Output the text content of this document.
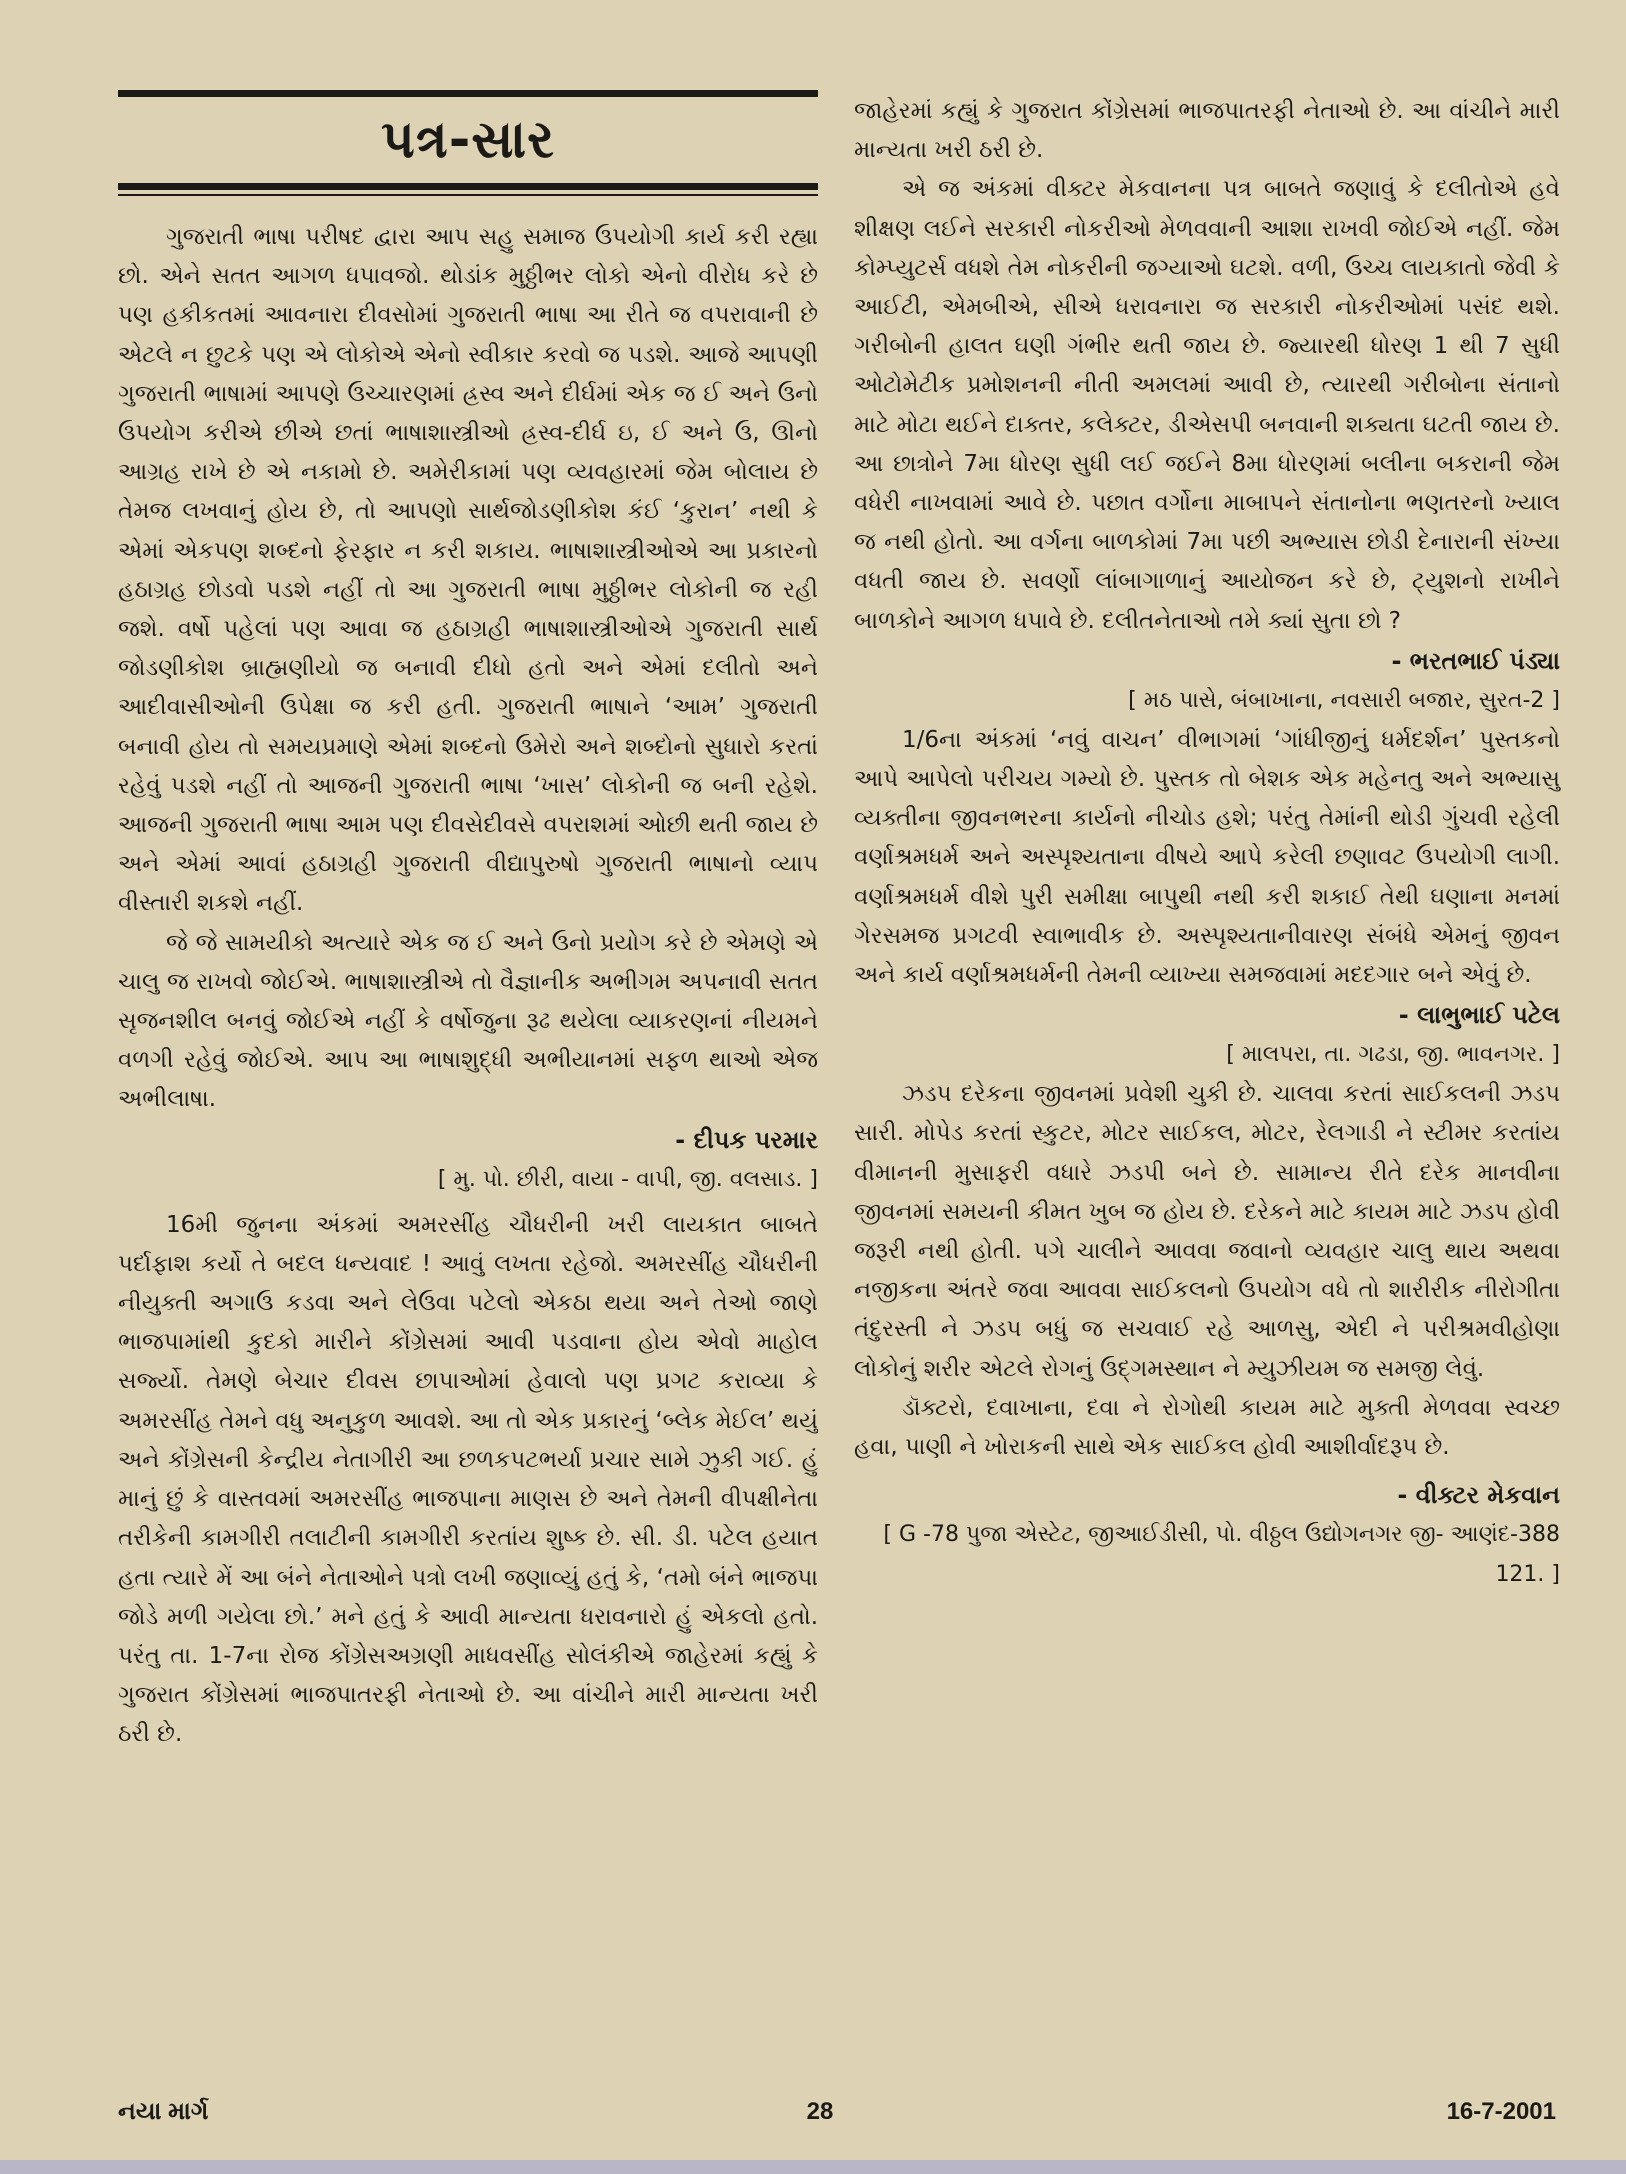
પત્ર-સાર

ગુજરાતી ભાષા પરીષદ દ્વારા આપ સહુ સમાજ ઉપયોગી કાર્ય કરી રહ્યા છો. એને સતત આગળ ધપાવજો. થોડાંક મુઠ્ઠીભર લોકો એનો વીરોધ કરે છે પણ હકીકતમાં આવનારા દીવસોમાં ગુજરાતી ભાષા આ રીતે જ વપરાવાની છે એટલે ન છુટકે પણ એ લોકોએ એનો સ્વીકાર કરવો જ પડશે. આજે આપણી ગુજરાતી ભાષામાં આપણે ઉચ્ચારણમાં હ્રસ્વ અને દીર્ઘમાં એક જ ઈ અને ઉનો ઉપયોગ કરીએ છીએ છતાં ભાષાશાસ્ત્રીઓ હ્રસ્વ-દીર્ઘ ઇ, ઈ અને ઉ, ઊનો આગ્રહ રાખે છે એ નકામો છે. અમેરીકામાં પણ વ્યવહારમાં જેમ બોલાય છે તેમજ લખવાનું હોય છે, તો આપણો સાર્થજોડણીકોશ કંઈ ‘કુરાન’ નથી કે એમાં એકપણ શબ્દનો ફેરફાર ન કરી શકાય. ભાષાશાસ્ત્રીઓએ આ પ્રકારનો હઠાગ્રહ છોડવો પડશે નહીં તો આ ગુજરાતી ભાષા મુઠ્ઠીભર લોકોની જ રહી જશે. વર્ષો પહેલાં પણ આવા જ હઠાગ્રહી ભાષાશાસ્ત્રીઓએ ગુજરાતી સાર્થ જોડણીકોશ બ્રાહ્મણીયો જ બનાવી દીધો હતો અને એમાં દલીતો અને આદીવાસીઓની ઉપેક્ષા જ કરી હતી. ગુજરાતી ભાષાને ‘આમ’ ગુજરાતી બનાવી હોય તો સમયપ્રમાણે એમાં શબ્દનો ઉમેરો અને શબ્દોનો સુધારો કરતાં રહેવું પડશે નહીં તો આજની ગુજરાતી ભાષા ‘ખાસ’ લોકોની જ બની રહેશે. આજની ગુજરાતી ભાષા આમ પણ દીવસેદીવસે વપરાશમાં ઓછી થતી જાય છે અને એમાં આવાં હઠાગ્રહી ગુજરાતી વીદ્યાપુરુષો ગુજરાતી ભાષાનો વ્યાપ વીસ્તારી શકશે નહીં.

જે જે સામયીકો અત્યારે એક જ ઈ અને ઉનો પ્રયોગ કરે છે એમણે એ ચાલુ જ રાખવો જોઈએ. ભાષાશાસ્ત્રીએ તો વૈજ્ઞાનીક અભીગમ અપનાવી સતત સૃજનશીલ બનવું જોઈએ નહીં કે વર્ષોજુના રૂઢ થયેલા વ્યાકરણનાં નીયમને વળગી રહેવું જોઈએ. આપ આ ભાષાશુદ્ધી અભીયાનમાં સફળ થાઓ એજ અભીલાષા.

- દીપક પરમાર

[ મુ. પો. છીરી, વાયા - વાપી, જી. વલસાડ. ]

16મી જુનના અંકમાં અમરસીંહ ચૌધરીની ખરી લાયકાત બાબતે પર્દાફાશ કર્યો તે બદલ ધન્યવાદ ! આવું લખતા રહેજો. અમરસીંહ ચૌધરીની નીયુક્તી અગાઉ કડવા અને લેઉવા પટેલો એકઠા થયા અને તેઓ જાણે ભાજપામાંથી કુદકો મારીને કોંગ્રેસમાં આવી પડવાના હોય એવો માહોલ સર્જ્યો. તેમણે બેચાર દીવસ છાપાઓમાં હેવાલો પણ પ્રગટ કરાવ્યા કે અમરસીંહ તેમને વધુ અનુકુળ આવશે. આ તો એક પ્રકારનું ‘બ્લેક મેઈલ’ થયું અને કોંગ્રેસની કેન્દ્રીય નેતાગીરી આ છળકપટભર્યા પ્રચાર સામે ઝુકી ગઈ. હું માનું છું કે વાસ્તવમાં અમરસીંહ ભાજપાના માણસ છે અને તેમની વીપક્ષીનેતા તરીકેની કામગીરી તલાટીની કામગીરી કરતાંય શુષ્ક છે. સી. ડી. પટેલ હયાત હતા ત્યારે મેં આ બંને નેતાઓને પત્રો લખી જણાવ્યું હતું કે, ‘તમો બંને ભાજપા જોડે મળી ગયેલા છો.’ મને હતું કે આવી માન્યતા ધરાવનારો હું એકલો હતો. પરંતુ તા. 1-7ના રોજ કોંગ્રેસઅગ્રણી માધવસીંહ સોલંકીએ જાહેરમાં કહ્યું કે ગુજરાત કોંગ્રેસમાં ભાજપાતરફી નેતાઓ છે. આ વાંચીને મારી માન્યતા ખરી ઠરી છે.

જાહેરમાં કહ્યું કે ગુજરાત કોંગ્રેસમાં ભાજપાતરફી નેતાઓ છે. આ વાંચીને મારી માન્યતા ખરી ઠરી છે.

એ જ અંકમાં વીક્ટર મેકવાનના પત્ર બાબતે જણાવું કે દલીતોએ હવે શીક્ષણ લઈને સરકારી નોકરીઓ મેળવવાની આશા રાખવી જોઈએ નહીં. જેમ કોમ્પ્યુટર્સ વધશે તેમ નોકરીની જગ્યાઓ ઘટશે. વળી, ઉચ્ચ લાયકાતો જેવી કે આઈટી, એમબીએ, સીએ ધરાવનારા જ સરકારી નોકરીઓમાં પસંદ થશે. ગરીબોની હાલત ઘણી ગંભીર થતી જાય છે. જ્યારથી ધોરણ 1 થી 7 સુધી ઓટોમેટીક પ્રમોશનની નીતી અમલમાં આવી છે, ત્યારથી ગરીબોના સંતાનો માટે મોટા થઈને દાક્તર, કલેક્ટર, ડીએસપી બનવાની શક્યતા ઘટતી જાય છે. આ છાત્રોને 7મા ધોરણ સુધી લઈ જઈને 8મા ધોરણમાં બલીના બકરાની જેમ વધેરી નાખવામાં આવે છે. પછાત વર્ગોના માબાપને સંતાનોના ભણતરનો ખ્યાલ જ નથી હોતો. આ વર્ગના બાળકોમાં 7મા પછી અભ્યાસ છોડી દેનારાની સંખ્યા વધતી જાય છે. સવર્ણો લાંબાગાળાનું આયોજન કરે છે, ટ્યુશનો રાખીને બાળકોને આગળ ધપાવે છે. દલીતનેતાઓ તમે ક્યાં સુતા છો ?

- ભરતભાઈ પંડ્યા

[ મઠ પાસે, બંબાખાના, નવસારી બજાર, સુરત-2 ]

1/6ના અંકમાં ‘નવું વાચન’ વીભાગમાં ‘ગાંધીજીનું ધર્મદર્શન’ પુસ્તકનો આપે આપેલો પરીચય ગમ્યો છે. પુસ્તક તો બેશક એક મહેનતુ અને અભ્યાસુ વ્યક્તીના જીવનભરના કાર્યનો નીચોડ હશે; પરંતુ તેમાંની થોડી ગુંચવી રહેલી વર્ણાશ્રમધર્મ અને અસ્પૃશ્યતાના વીષયે આપે કરેલી છણાવટ ઉપયોગી લાગી. વર્ણાશ્રમધર્મ વીશે પુરી સમીક્ષા બાપુથી નથી કરી શકાઈ તેથી ઘણાના મનમાં ગેરસમજ પ્રગટવી સ્વાભાવીક છે. અસ્પૃશ્યતાનીવારણ સંબંધે એમનું જીવન અને કાર્ય વર્ણાશ્રમધર્મની તેમની વ્યાખ્યા સમજવામાં મદદગાર બને એવું છે.

- લાભુભાઈ પટેલ

[ માલપરા, તા. ગઢડા, જી. ભાવનગર. ]

ઝડપ દરેકના જીવનમાં પ્રવેશી ચુકી છે. ચાલવા કરતાં સાઈકલની ઝડપ સારી. મોપેડ કરતાં સ્કુટર, મોટર સાઈકલ, મોટર, રેલગાડી ને સ્ટીમર કરતાંય વીમાનની મુસાફરી વધારે ઝડપી બને છે. સામાન્ય રીતે દરેક માનવીના જીવનમાં સમયની કીમત ખુબ જ હોય છે. દરેકને માટે કાયમ માટે ઝડપ હોવી જરૂરી નથી હોતી. પગે ચાલીને આવવા જવાનો વ્યવહાર ચાલુ થાય અથવા નજીકના અંતરે જવા આવવા સાઈકલનો ઉપયોગ વધે તો શારીરીક નીરોગીતા તંદુરસ્તી ને ઝડપ બધું જ સચવાઈ રહે આળસુ, એદી ને પરીશ્રમવીહોણા લોકોનું શરીર એટલે રોગનું ઉદ્ગમસ્થાન ને મ્યુઝીયમ જ સમજી લેવું.

ડૉક્ટરો, દવાખાના, દવા ને રોગોથી કાયમ માટે મુક્તી મેળવવા સ્વચ્છ હવા, પાણી ને ખોરાકની સાથે એક સાઈકલ હોવી આશીર્વાદરૂપ છે.

- વીક્ટર મેકવાન

[ G -78 પુજા એસ્ટેટ, જીઆઈડીસી, પો. વીઠ્ઠલ ઉદ્યોગનગર જી- આણંદ-388 121. ]

નયા માર્ગ	28	16-7-2001
